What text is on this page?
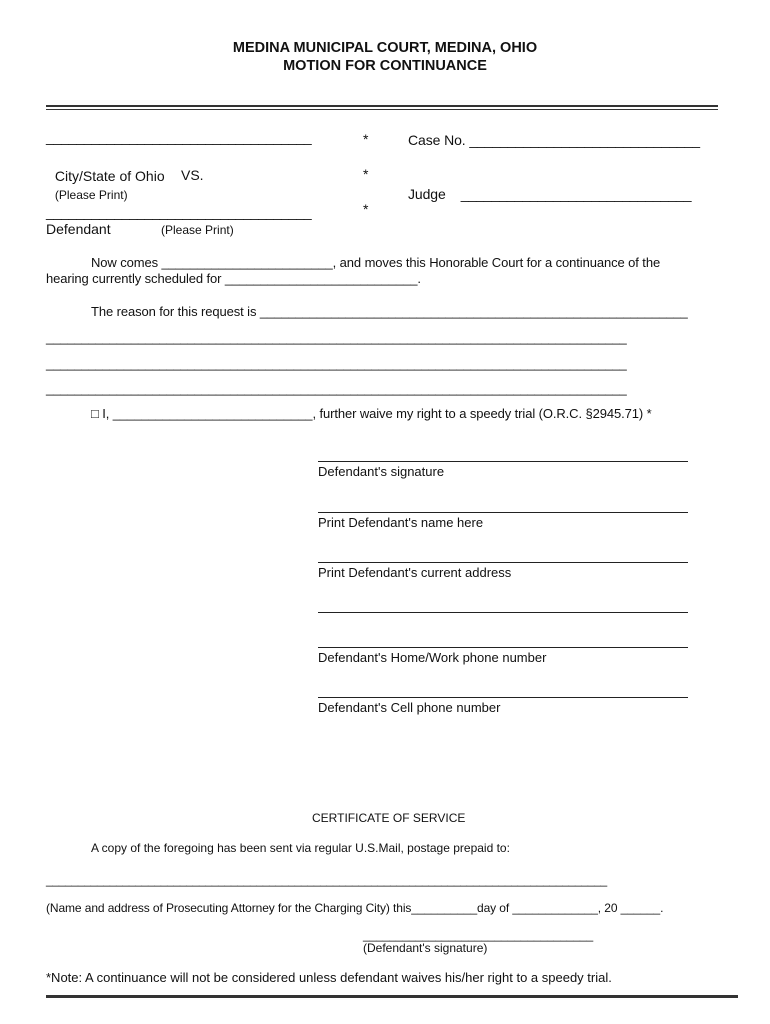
MEDINA MUNICIPAL COURT, MEDINA, OHIO
MOTION FOR CONTINUANCE
___________________________________

City/State of Ohio
(Please Print)

VS.
___________________________________
Defendant	(Please Print)
*
*
*
Case No. ______________________________
Judge    ______________________________
Now comes ________________________, and moves this Honorable Court for a continuance of the
hearing currently scheduled for ___________________________.
The reason for this request is ____________________________________________________________
__________________________________________________________________________________
__________________________________________________________________________________
__________________________________________________________________________________
□ I, ____________________________, further waive my right to a speedy trial (O.R.C. §2945.71) *
Defendant's signature
Print Defendant's name here
Print Defendant's current address
Defendant's Home/Work phone number
Defendant's Cell phone number
CERTIFICATE OF SERVICE
A copy of the foregoing has been sent via regular U.S.Mail, postage prepaid to:
________________________________________________________________________________________
(Name and address of Prosecuting Attorney for the Charging City) this__________day of _____________, 20 ______.
___________________________________
(Defendant's signature)
*Note: A continuance will not be considered unless defendant waives his/her right to a speedy trial.
